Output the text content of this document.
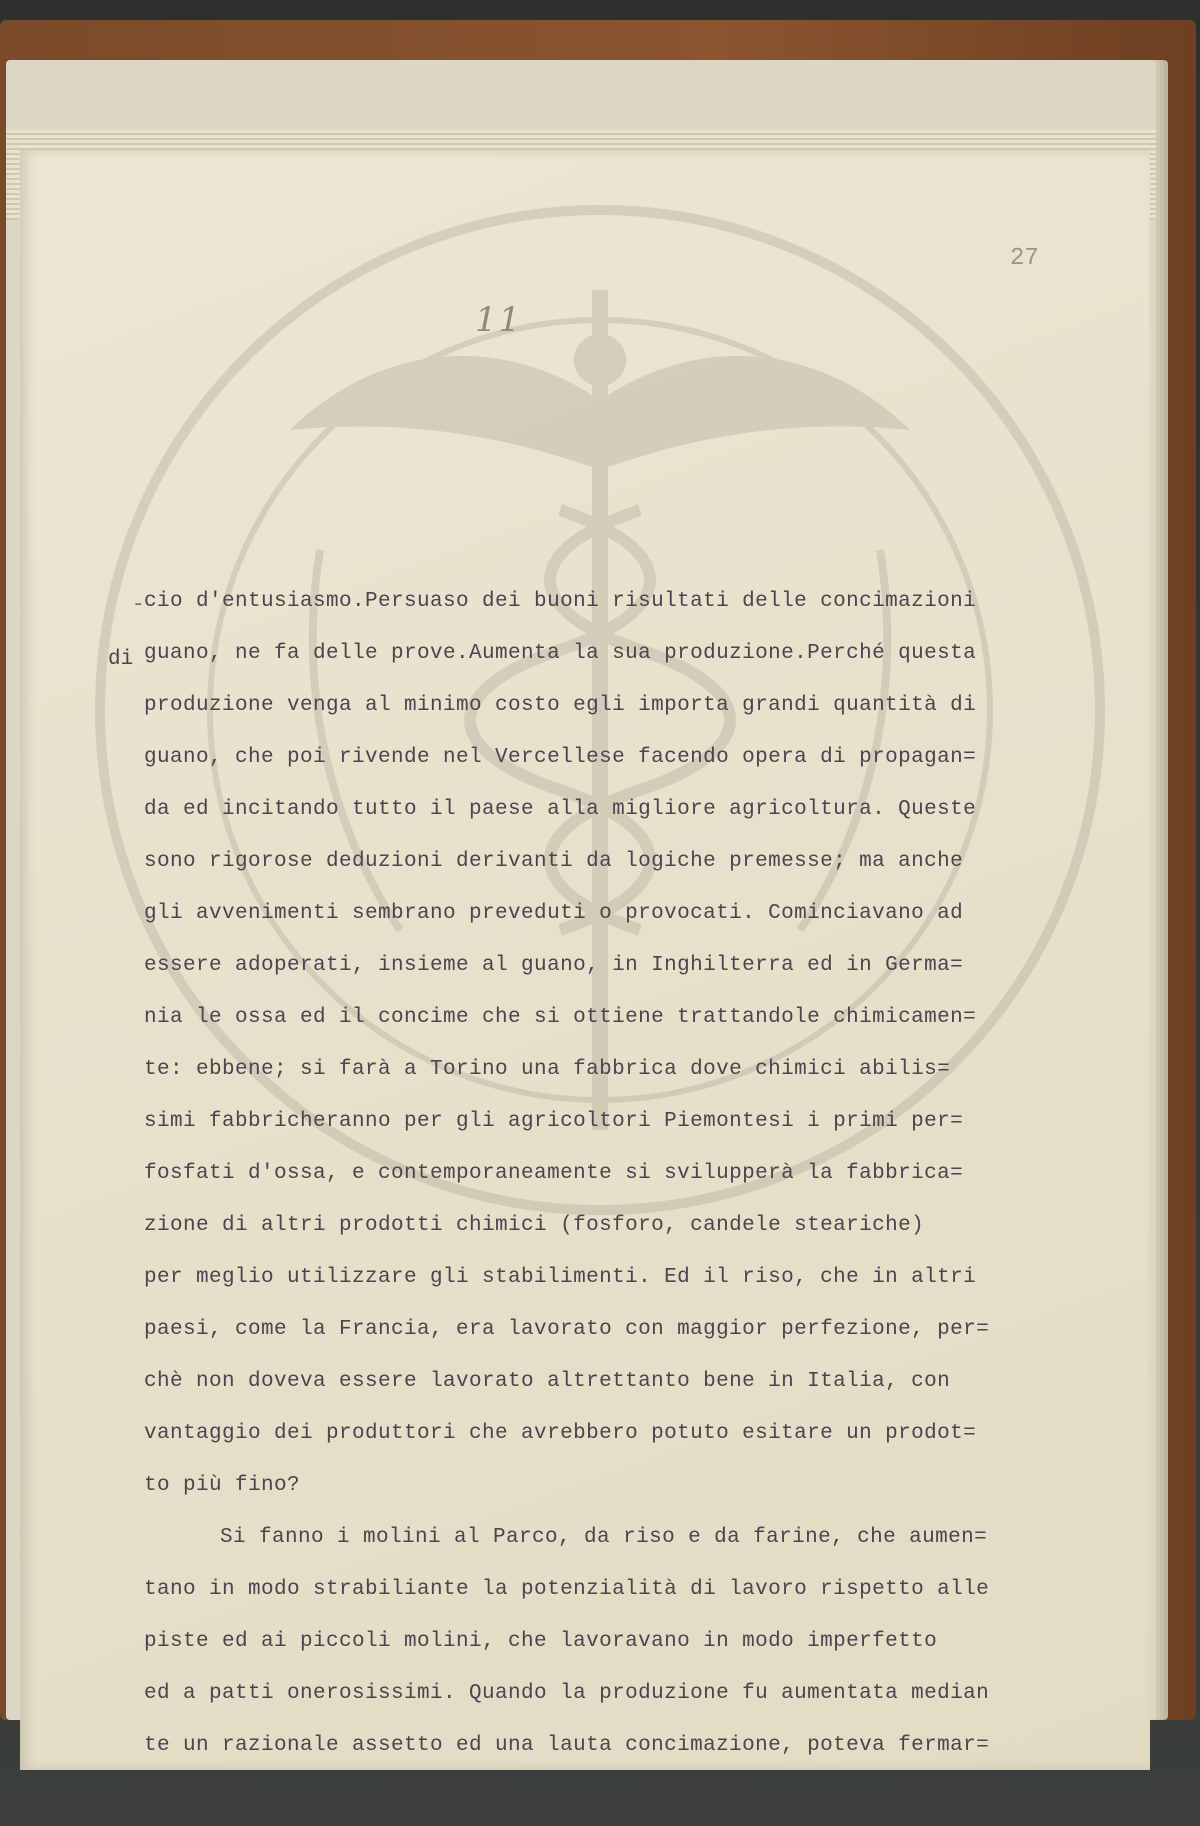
27
11
-
di
cio d'entusiasmo.Persuaso dei buoni risultati delle concimazioni
guano, ne fa delle prove.Aumenta la sua produzione.Perché questa
produzione venga al minimo costo egli importa grandi quantità di
guano, che poi rivende nel Vercellese facendo opera di propagan=
da ed incitando tutto il paese alla migliore agricoltura. Queste
sono rigorose deduzioni derivanti da logiche premesse; ma anche
gli avvenimenti sembrano preveduti o provocati. Cominciavano ad
essere adoperati, insieme al guano, in Inghilterra ed in Germa=
nia le ossa ed il concime che si ottiene trattandole chimicamen=
te: ebbene; si farà a Torino una fabbrica dove chimici abilis=
simi fabbricheranno per gli agricoltori Piemontesi i primi per=
fosfati d'ossa, e contemporaneamente si svilupperà la fabbrica=
zione di altri prodotti chimici (fosforo, candele steariche)
per meglio utilizzare gli stabilimenti. Ed il riso, che in altri
paesi, come la Francia, era lavorato con maggior perfezione, per=
chè non doveva essere lavorato altrettanto bene in Italia, con
vantaggio dei produttori che avrebbero potuto esitare un prodot=
to più fino?
Si fanno i molini al Parco, da riso e da farine, che aumen=
tano in modo strabiliante la potenzialità di lavoro rispetto alle
piste ed ai piccoli molini, che lavoravano in modo imperfetto
ed a patti onerosissimi. Quando la produzione fu aumentata median
te un razionale assetto ed una lauta concimazione, poteva fermar=
